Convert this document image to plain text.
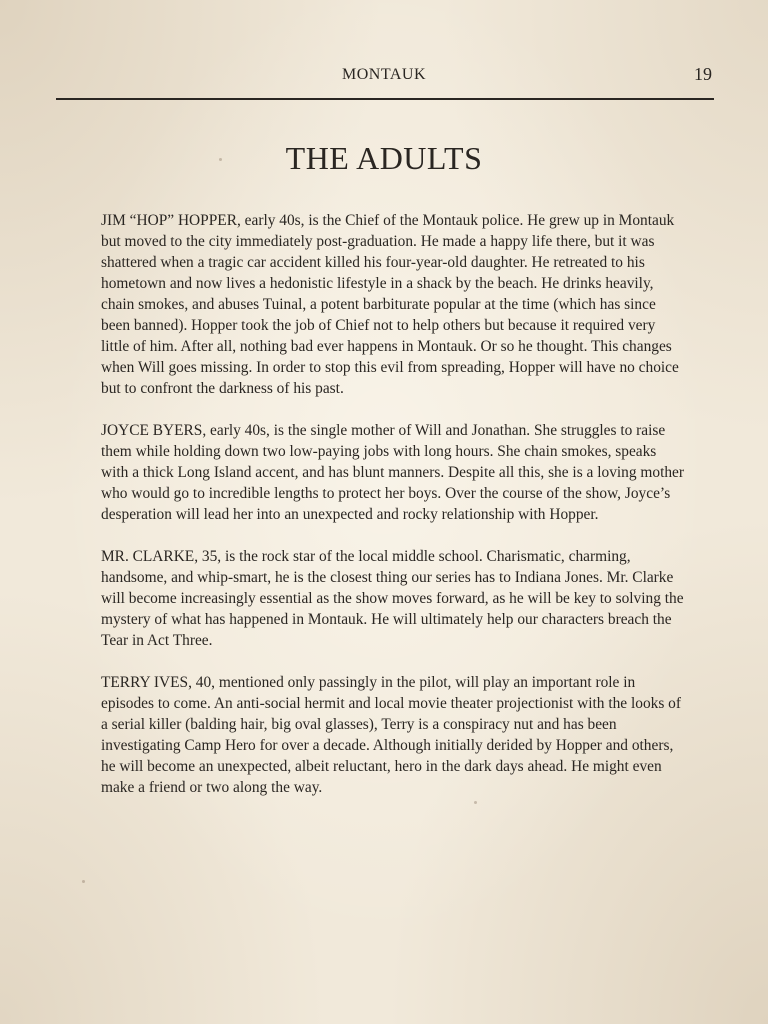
MONTAUK	19
THE ADULTS

JIM “HOP” HOPPER, early 40s, is the Chief of the Montauk police. He grew up in Montauk but moved to the city immediately post-graduation. He made a happy life there, but it was shattered when a tragic car accident killed his four-year-old daughter. He retreated to his hometown and now lives a hedonistic lifestyle in a shack by the beach. He drinks heavily, chain smokes, and abuses Tuinal, a potent barbiturate popular at the time (which has since been banned). Hopper took the job of Chief not to help others but because it required very little of him. After all, nothing bad ever happens in Montauk. Or so he thought. This changes when Will goes missing. In order to stop this evil from spreading, Hopper will have no choice but to confront the darkness of his past.

JOYCE BYERS, early 40s, is the single mother of Will and Jonathan. She struggles to raise them while holding down two low-paying jobs with long hours. She chain smokes, speaks with a thick Long Island accent, and has blunt manners. Despite all this, she is a loving mother who would go to incredible lengths to protect her boys. Over the course of the show, Joyce’s desperation will lead her into an unexpected and rocky relationship with Hopper.

MR. CLARKE, 35, is the rock star of the local middle school. Charismatic, charming, handsome, and whip-smart, he is the closest thing our series has to Indiana Jones. Mr. Clarke will become increasingly essential as the show moves forward, as he will be key to solving the mystery of what has happened in Montauk. He will ultimately help our characters breach the Tear in Act Three.

TERRY IVES, 40, mentioned only passingly in the pilot, will play an important role in episodes to come. An anti-social hermit and local movie theater projectionist with the looks of a serial killer (balding hair, big oval glasses), Terry is a conspiracy nut and has been investigating Camp Hero for over a decade. Although initially derided by Hopper and others, he will become an unexpected, albeit reluctant, hero in the dark days ahead. He might even make a friend or two along the way.
